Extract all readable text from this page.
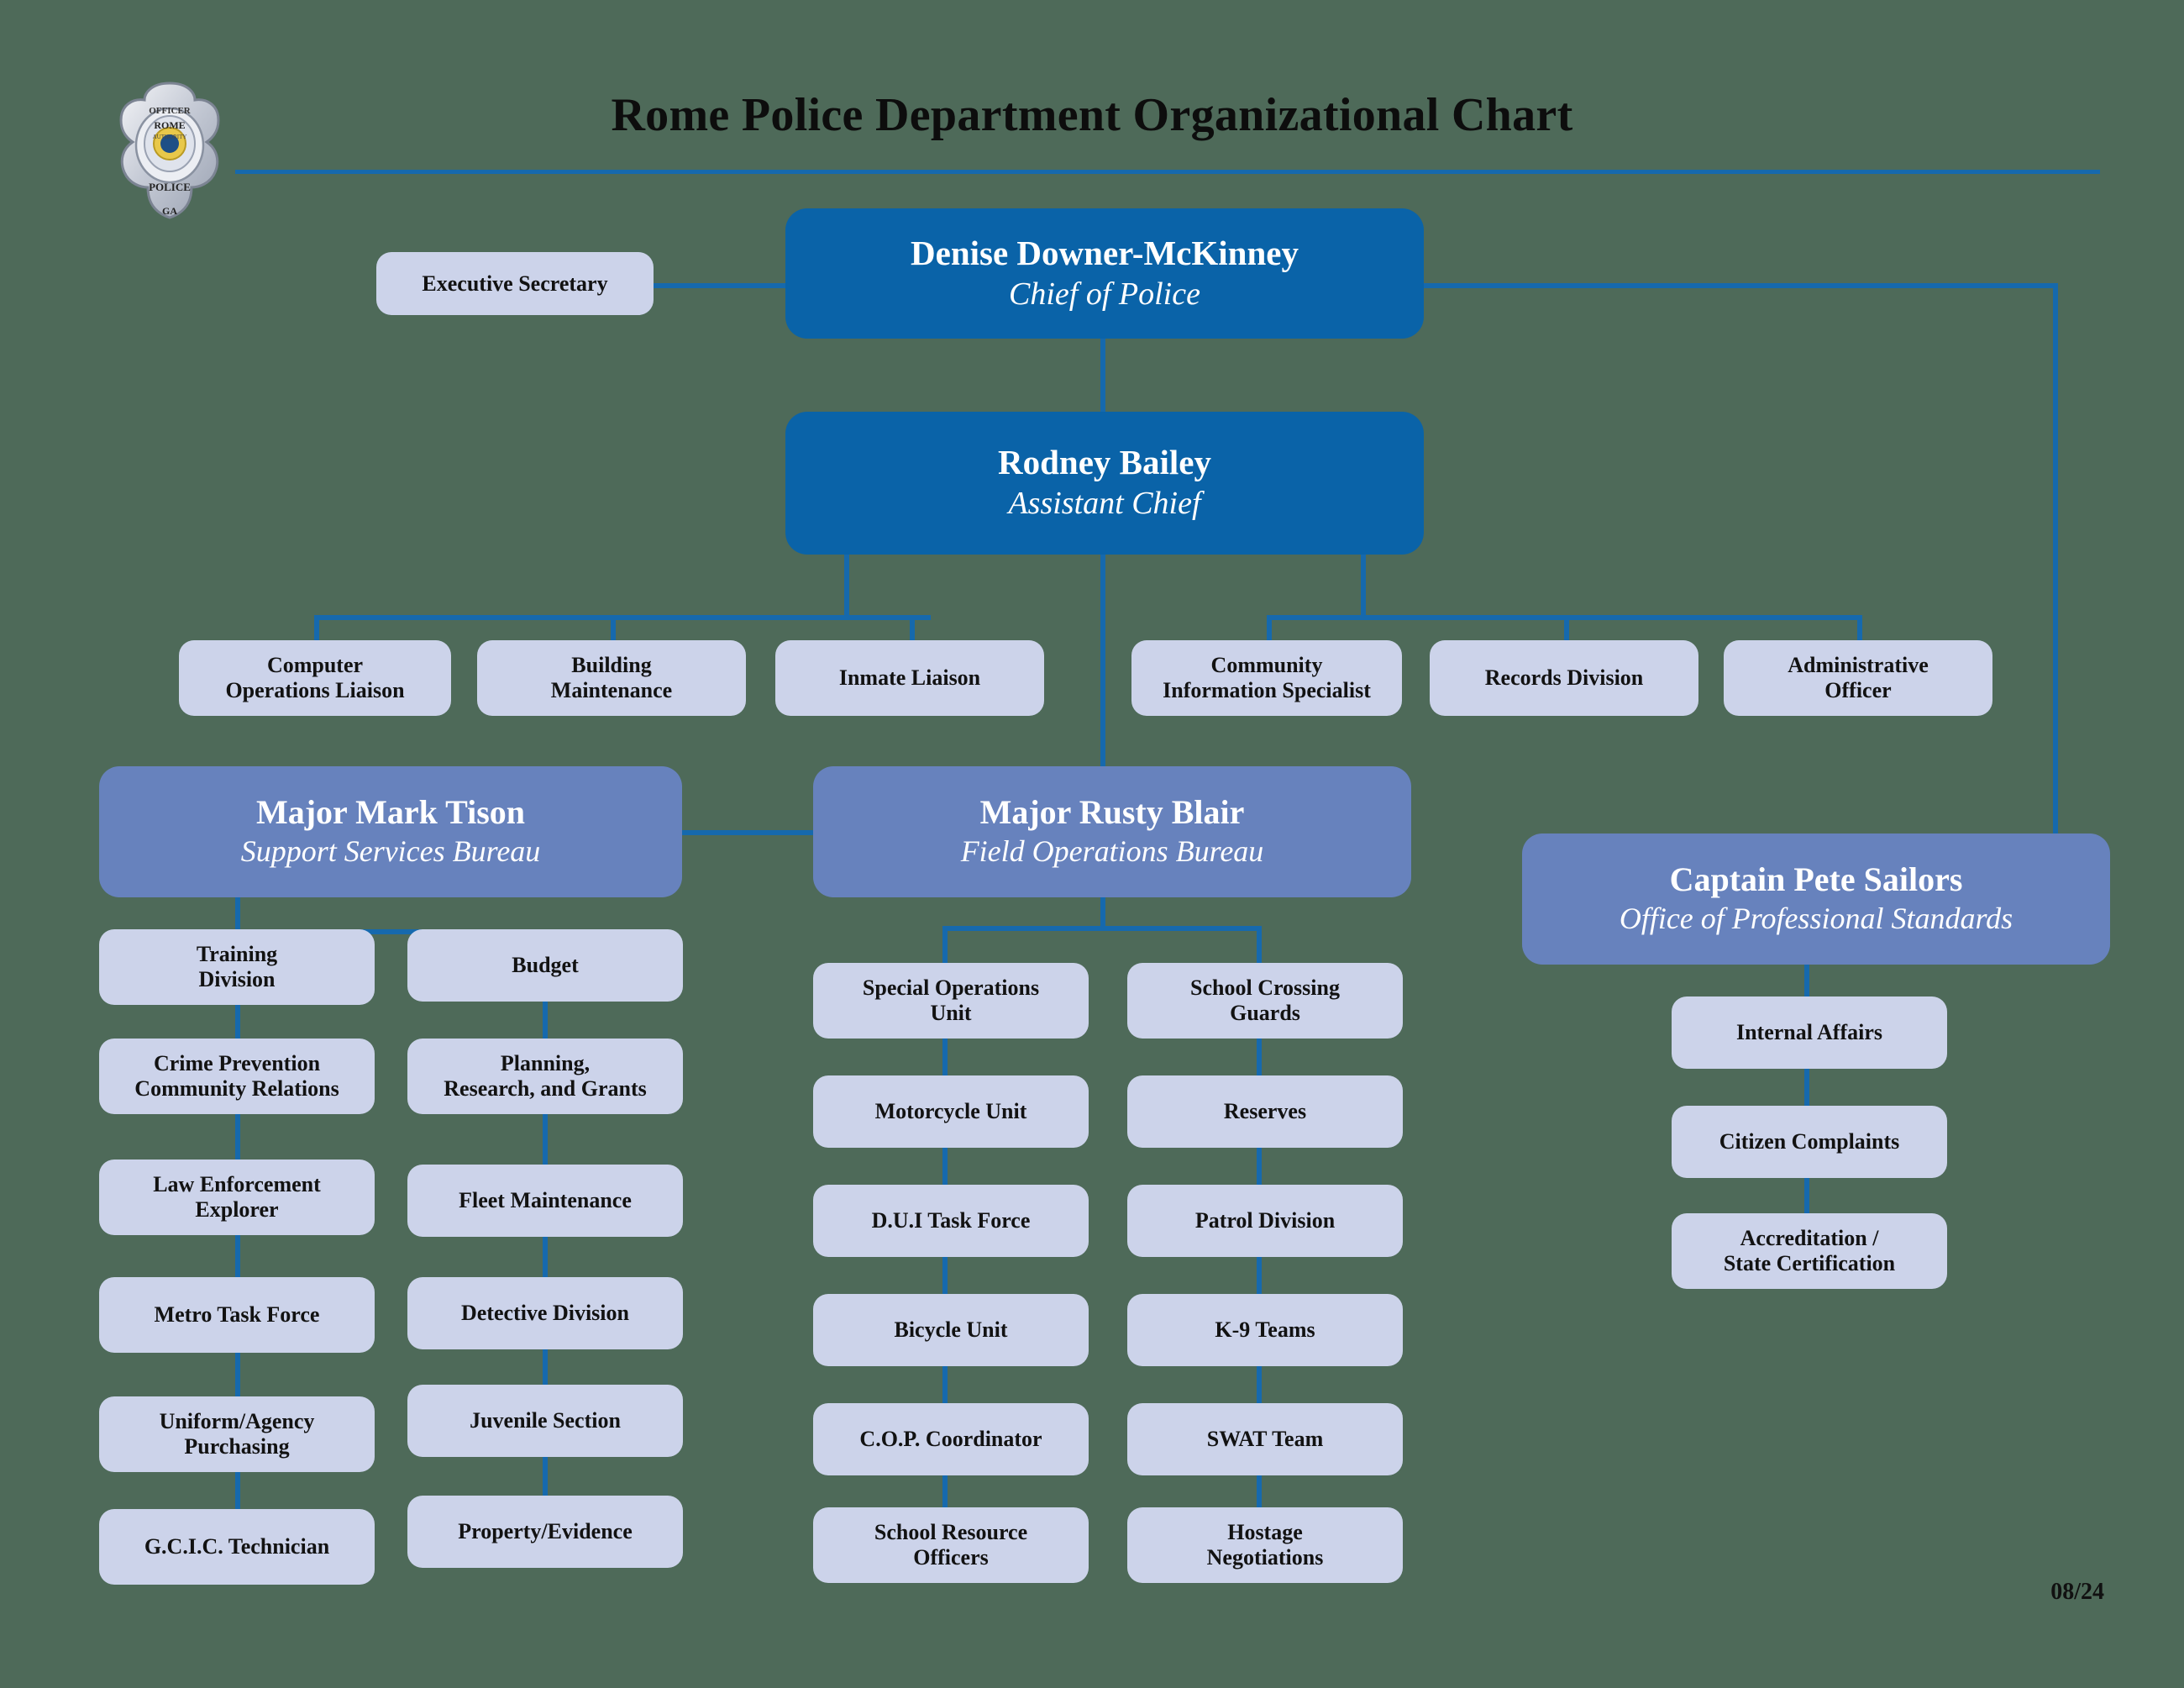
OFFICER
ROME
AUTHORITY
POLICE
GA
Rome Police Department Organizational Chart
Denise Downer-McKinney
Chief of Police
Executive Secretary
Rodney Bailey
Assistant Chief
Computer
Operations Liaison
Building
Maintenance
Inmate Liaison
Community
Information Specialist
Records Division
Administrative
Officer
Major Mark Tison
Support Services Bureau
Training
Division
Crime Prevention
Community Relations
Law Enforcement
Explorer
Metro Task Force
Uniform/Agency
Purchasing
G.C.I.C. Technician
Budget
Planning,
Research, and Grants
Fleet Maintenance
Detective Division
Juvenile Section
Property/Evidence
Major Rusty Blair
Field Operations Bureau
Special Operations
Unit
Motorcycle Unit
D.U.I Task Force
Bicycle Unit
C.O.P. Coordinator
School Resource
Officers
School Crossing
Guards
Reserves
Patrol Division
K-9 Teams
SWAT Team
Hostage
Negotiations
Captain Pete Sailors
Office of Professional Standards
Internal Affairs
Citizen Complaints
Accreditation /
State Certification
08/24
